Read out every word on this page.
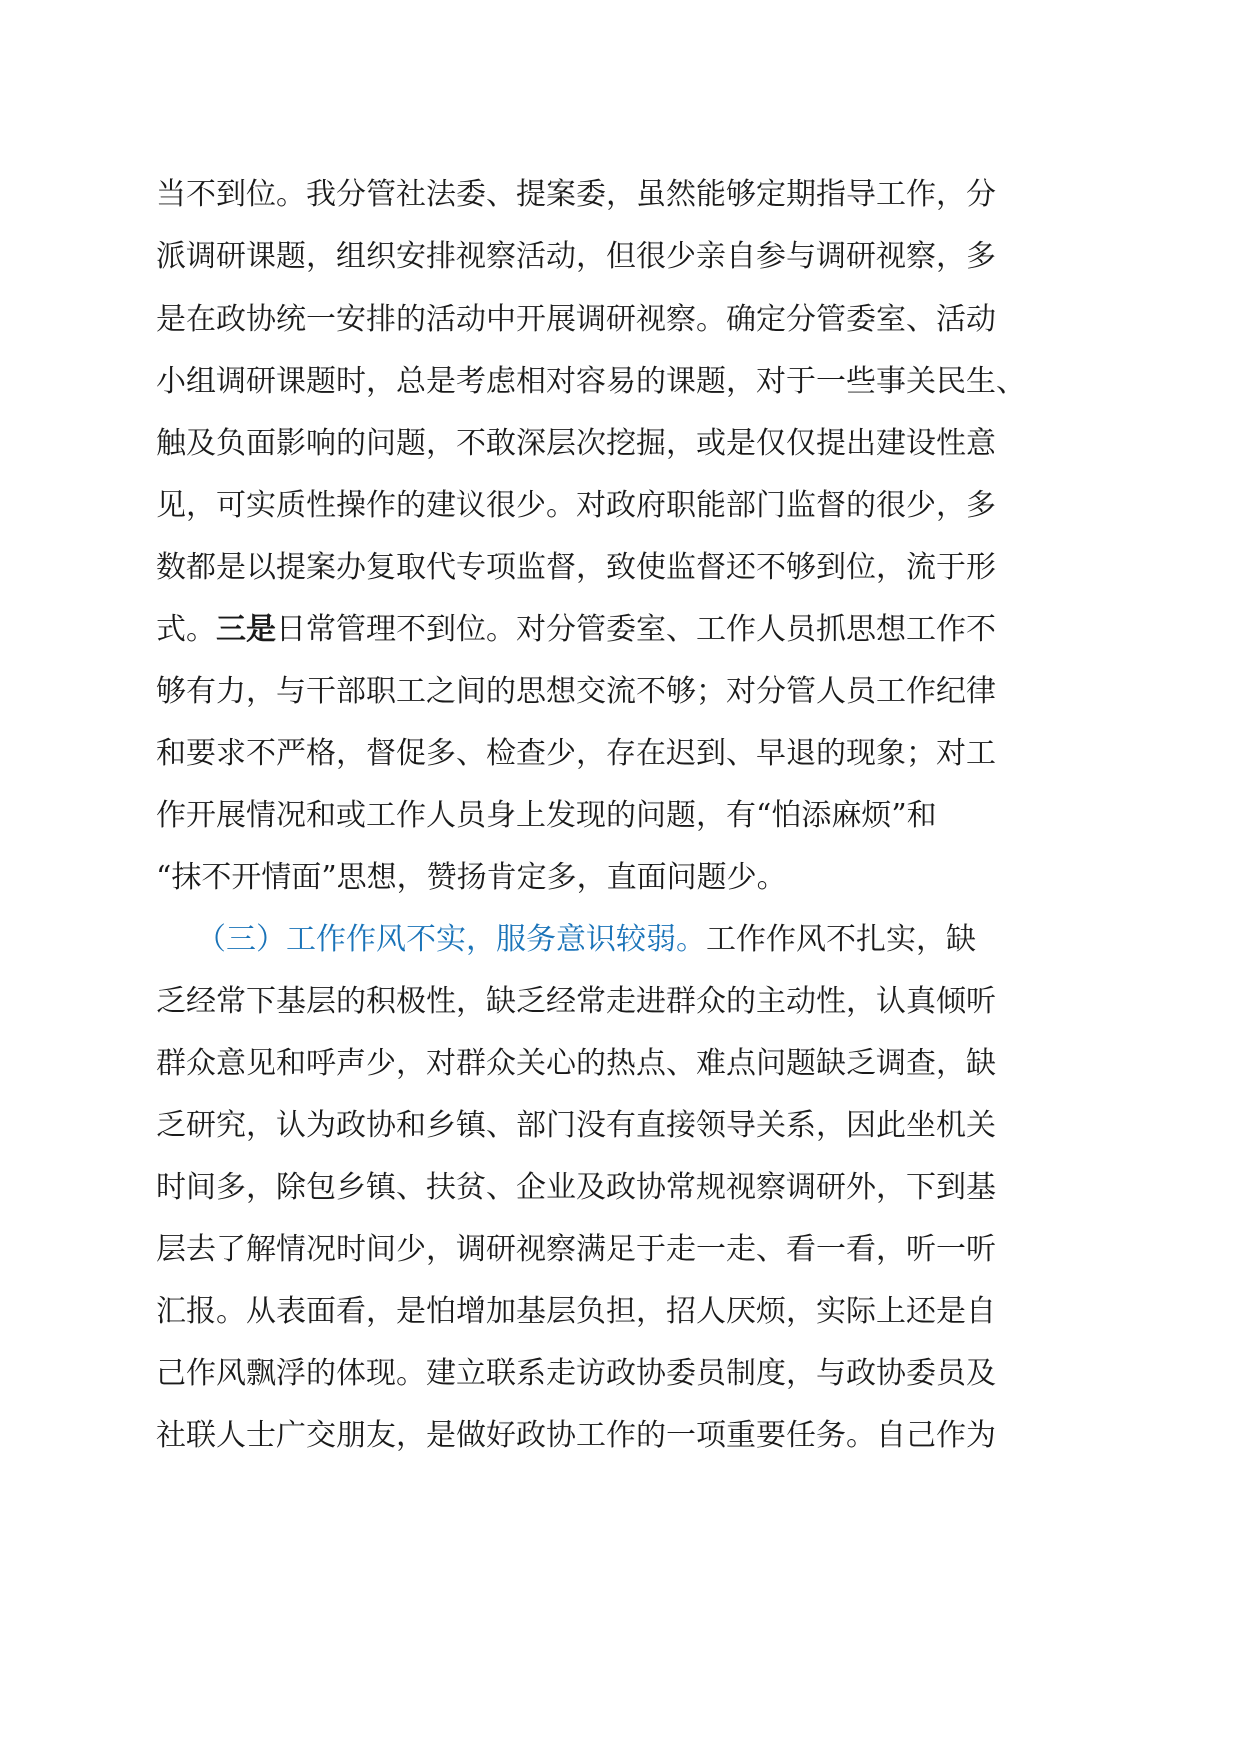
当不到位。我分管社法委、提案委，虽然能够定期指导工作，分
派调研课题，组织安排视察活动，但很少亲自参与调研视察，多
是在政协统一安排的活动中开展调研视察。确定分管委室、活动
小组调研课题时，总是考虑相对容易的课题，对于一些事关民生、
触及负面影响的问题，不敢深层次挖掘，或是仅仅提出建设性意
见，可实质性操作的建议很少。对政府职能部门监督的很少，多
数都是以提案办复取代专项监督，致使监督还不够到位，流于形
式。三是日常管理不到位。对分管委室、工作人员抓思想工作不
够有力，与干部职工之间的思想交流不够；对分管人员工作纪律
和要求不严格，督促多、检查少，存在迟到、早退的现象；对工
作开展情况和或工作人员身上发现的问题，有“怕添麻烦”和
“抹不开情面”思想，赞扬肯定多，直面问题少。
（三）工作作风不实，服务意识较弱。工作作风不扎实，缺
乏经常下基层的积极性，缺乏经常走进群众的主动性，认真倾听
群众意见和呼声少，对群众关心的热点、难点问题缺乏调查，缺
乏研究，认为政协和乡镇、部门没有直接领导关系，因此坐机关
时间多，除包乡镇、扶贫、企业及政协常规视察调研外，下到基
层去了解情况时间少，调研视察满足于走一走、看一看，听一听
汇报。从表面看，是怕增加基层负担，招人厌烦，实际上还是自
己作风飘浮的体现。建立联系走访政协委员制度，与政协委员及
社联人士广交朋友，是做好政协工作的一项重要任务。自己作为
